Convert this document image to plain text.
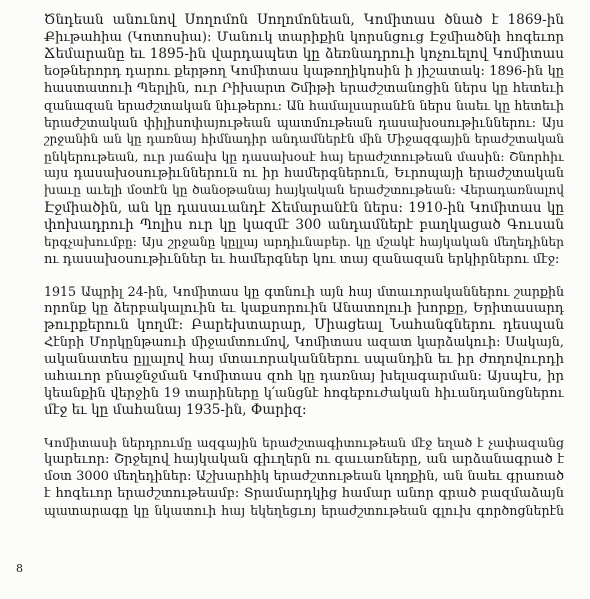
Ծնդեան անունով Սողոմոն Սողոմոնեան, Կոմիտաս ծնած է 1869-ին
Քիւթահիա (Կոտոսիա): Մանուկ տարիքին կորսնցուց Էջմիածնի հոգեւոր
Ճեմարանը եւ 1895-ին վարդապետ կը ձեռնադրուի կոչուելով Կոմիտաս
եօթներորդ դարու քերթող Կոմիտաս կաթողիկոսին ի յիշատակ: 1896-ին կը
հաստատուի Պերլին, ուր Րիխարտ Շմիթի երաժշտանոցին ներս կը հետեւի
զանազան երաժշտական նիւթերու: Ան համալսարանէն ներս նաեւ կը հետեւի
երաժշտական փիլիսոփայութեան պատմութեան դասախօսութիւններու: Այս
շրջանին ան կը դառնայ հիմնադիր անդամներէն մին Միջազգային երաժշտական
ընկերութեան, ուր յաճախ կը դասախօսէ հայ երաժշտութեան մասին: Շնորհիւ
այս դասախօսութիւններուն ու իր համերգներուն, Եւրոպայի երաժշտական
խաւը աւելի մօտէն կը ծանօթանայ հայկական երաժշտութեան: Վերադառնալով
Էջմիածին, ան կը դասաւանդէ Ճեմարանէն ներս: 1910-ին Կոմիտաս կը
փոխադրուի Պոլիս ուր կը կազմէ 300 անդամներէ բաղկացած Գուսան
երգչախումբը: Այս շրջանը կըլլայ արդիւնաբեր. կը մշակէ հայկական մեղեդիներ
ու դասախօսութիւններ եւ համերգներ կու տայ զանազան երկիրներու մէջ:

1915 Ապրիլ 24-ին, Կոմիտաս կը գտնուի այն հայ մտաւորականներու շարքին
որոնք կը ձերբակալուին եւ կաքսորուին Անատոլուի խորքը, Երիտասարդ
թուրքերուն կողմէ: Բարեխտարար, Միացեալ Նահանգներու դեսպան
Հէնրի Մորկընթաուի միջամտումով, Կոմիտաս ազատ կարձակուի: Սակայն,
ականատես ըլլալով հայ մտաւորականներու սպանդին եւ իր ժողովուրդի
ահաւոր բնաջնջման Կոմիտաս զոհ կը դառնայ խելագարման: Այսպէս, իր
կեանքին վերջին 19 տարիները կ՛անցնէ հոգեբուժական հիւանդանոցներու
մէջ եւ կը մահանայ 1935-ին, Փարիզ:

Կոմիտասի ներդրումը ազգային երաժշտագիտութեան մէջ եղած է չափազանց
կարեւոր: Շրջելով հայկական գիւղերն ու գաւառները, ան արձանագրած է
մօտ 3000 մեղեդիներ: Աշխարհիկ երաժշտութեան կողքին, ան նաեւ գրառած
է հոգեւոր երաժշտութեամբ: Տրամարդկից համար անոր գրած բազմաձայն
պատարագը կը նկատուի հայ եկեղեցւոյ երաժշտութեան գլուխ գործոցներէն

8
